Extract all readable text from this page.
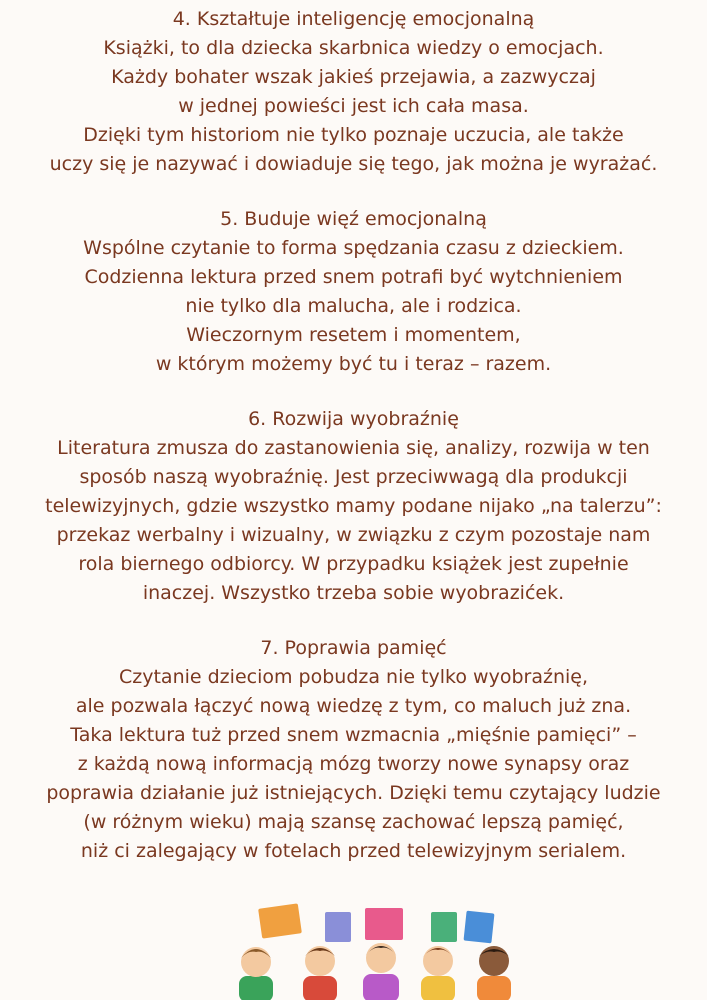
4. Kształtuje inteligencję emocjonalną
Książki, to dla dziecka skarbnica wiedzy o emocjach.
Każdy bohater wszak jakieś przejawia, a zazwyczaj
w jednej powieści jest ich cała masa.
Dzięki tym historiom nie tylko poznaje uczucia, ale także
uczy się je nazywać i dowiaduje się tego, jak można je wyrażać.
5. Buduje więź emocjonalną
Wspólne czytanie to forma spędzania czasu z dzieckiem.
Codzienna lektura przed snem potrafi być wytchnieniem
nie tylko dla malucha, ale i rodzica.
Wieczornym resetem i momentem,
w którym możemy być tu i teraz – razem.
6. Rozwija wyobraźnię
Literatura zmusza do zastanowienia się, analizy, rozwija w ten
sposób naszą wyobraźnię. Jest przeciwwagą dla produkcji
telewizyjnych, gdzie wszystko mamy podane nijako „na talerzu”:
przekaz werbalny i wizualny, w związku z czym pozostaje nam
rola biernego odbiorcy. W przypadku książek jest zupełnie
inaczej. Wszystko trzeba sobie wyobrazićek.
7. Poprawia pamięć
Czytanie dzieciom pobudza nie tylko wyobraźnię,
ale pozwala łączyć nową wiedzę z tym, co maluch już zna.
Taka lektura tuż przed snem wzmacnia „mięśnie pamięci” –
z każdą nową informacją mózg tworzy nowe synapsy oraz
poprawia działanie już istniejących. Dzięki temu czytający ludzie
(w różnym wieku) mają szansę zachować lepszą pamięć,
niż ci zalegający w fotelach przed telewizyjnym serialem.
